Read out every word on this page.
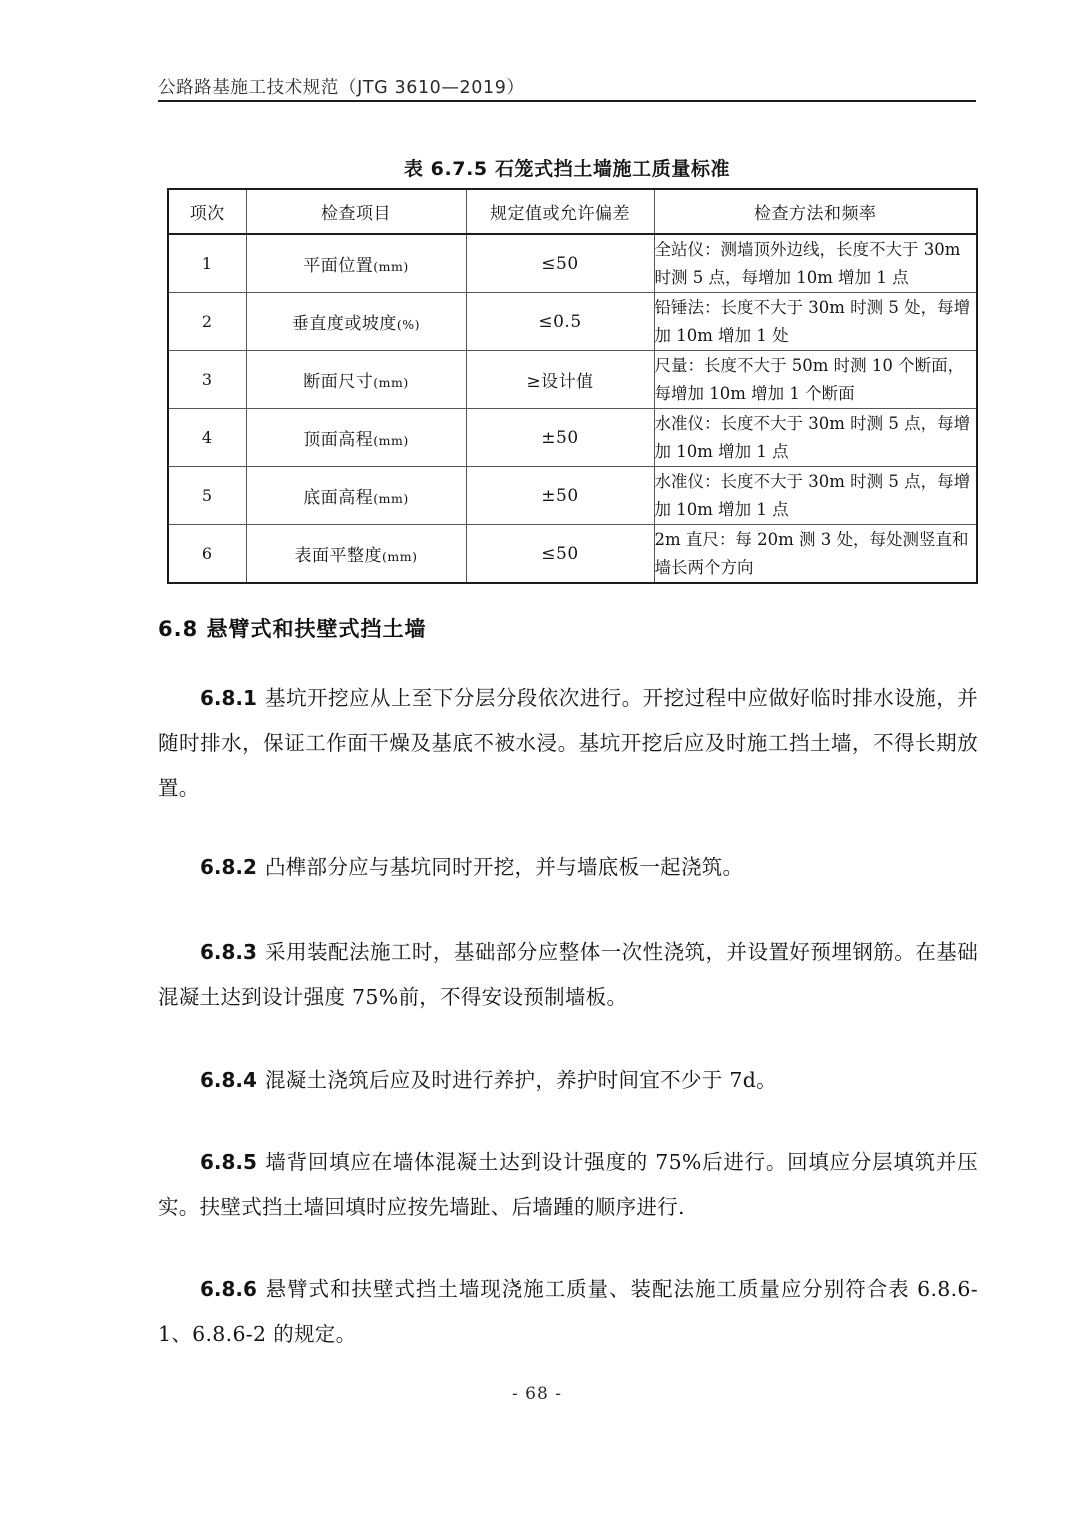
公路路基施工技术规范（JTG 3610—2019）
表 6.7.5 石笼式挡土墙施工质量标准
项次	检查项目	规定值或允许偏差	检查方法和频率
1	平面位置(mm)	≤50	全站仪：测墙顶外边线，长度不大于 30m 时测 5 点，每增加 10m 增加 1 点
2	垂直度或坡度(%)	≤0.5	铅锤法：长度不大于 30m 时测 5 处，每增加 10m 增加 1 处
3	断面尺寸(mm)	≥设计值	尺量：长度不大于 50m 时测 10 个断面，每增加 10m 增加 1 个断面
4	顶面高程(mm)	±50	水准仪：长度不大于 30m 时测 5 点，每增加 10m 增加 1 点
5	底面高程(mm)	±50	水准仪：长度不大于 30m 时测 5 点，每增加 10m 增加 1 点
6	表面平整度(mm)	≤50	2m 直尺：每 20m 测 3 处，每处测竖直和墙长两个方向
6.8 悬臂式和扶壁式挡土墙
6.8.1 基坑开挖应从上至下分层分段依次进行。开挖过程中应做好临时排水设施，并随时排水，保证工作面干燥及基底不被水浸。基坑开挖后应及时施工挡土墙，不得长期放置。
6.8.2 凸榫部分应与基坑同时开挖，并与墙底板一起浇筑。
6.8.3 采用装配法施工时，基础部分应整体一次性浇筑，并设置好预埋钢筋。在基础混凝土达到设计强度 75%前，不得安设预制墙板。
6.8.4 混凝土浇筑后应及时进行养护，养护时间宜不少于 7d。
6.8.5 墙背回填应在墙体混凝土达到设计强度的 75%后进行。回填应分层填筑并压实。扶壁式挡土墙回填时应按先墙趾、后墙踵的顺序进行.
6.8.6 悬臂式和扶壁式挡土墙现浇施工质量、装配法施工质量应分别符合表 6.8.6-1、6.8.6-2 的规定。
- 68 -
